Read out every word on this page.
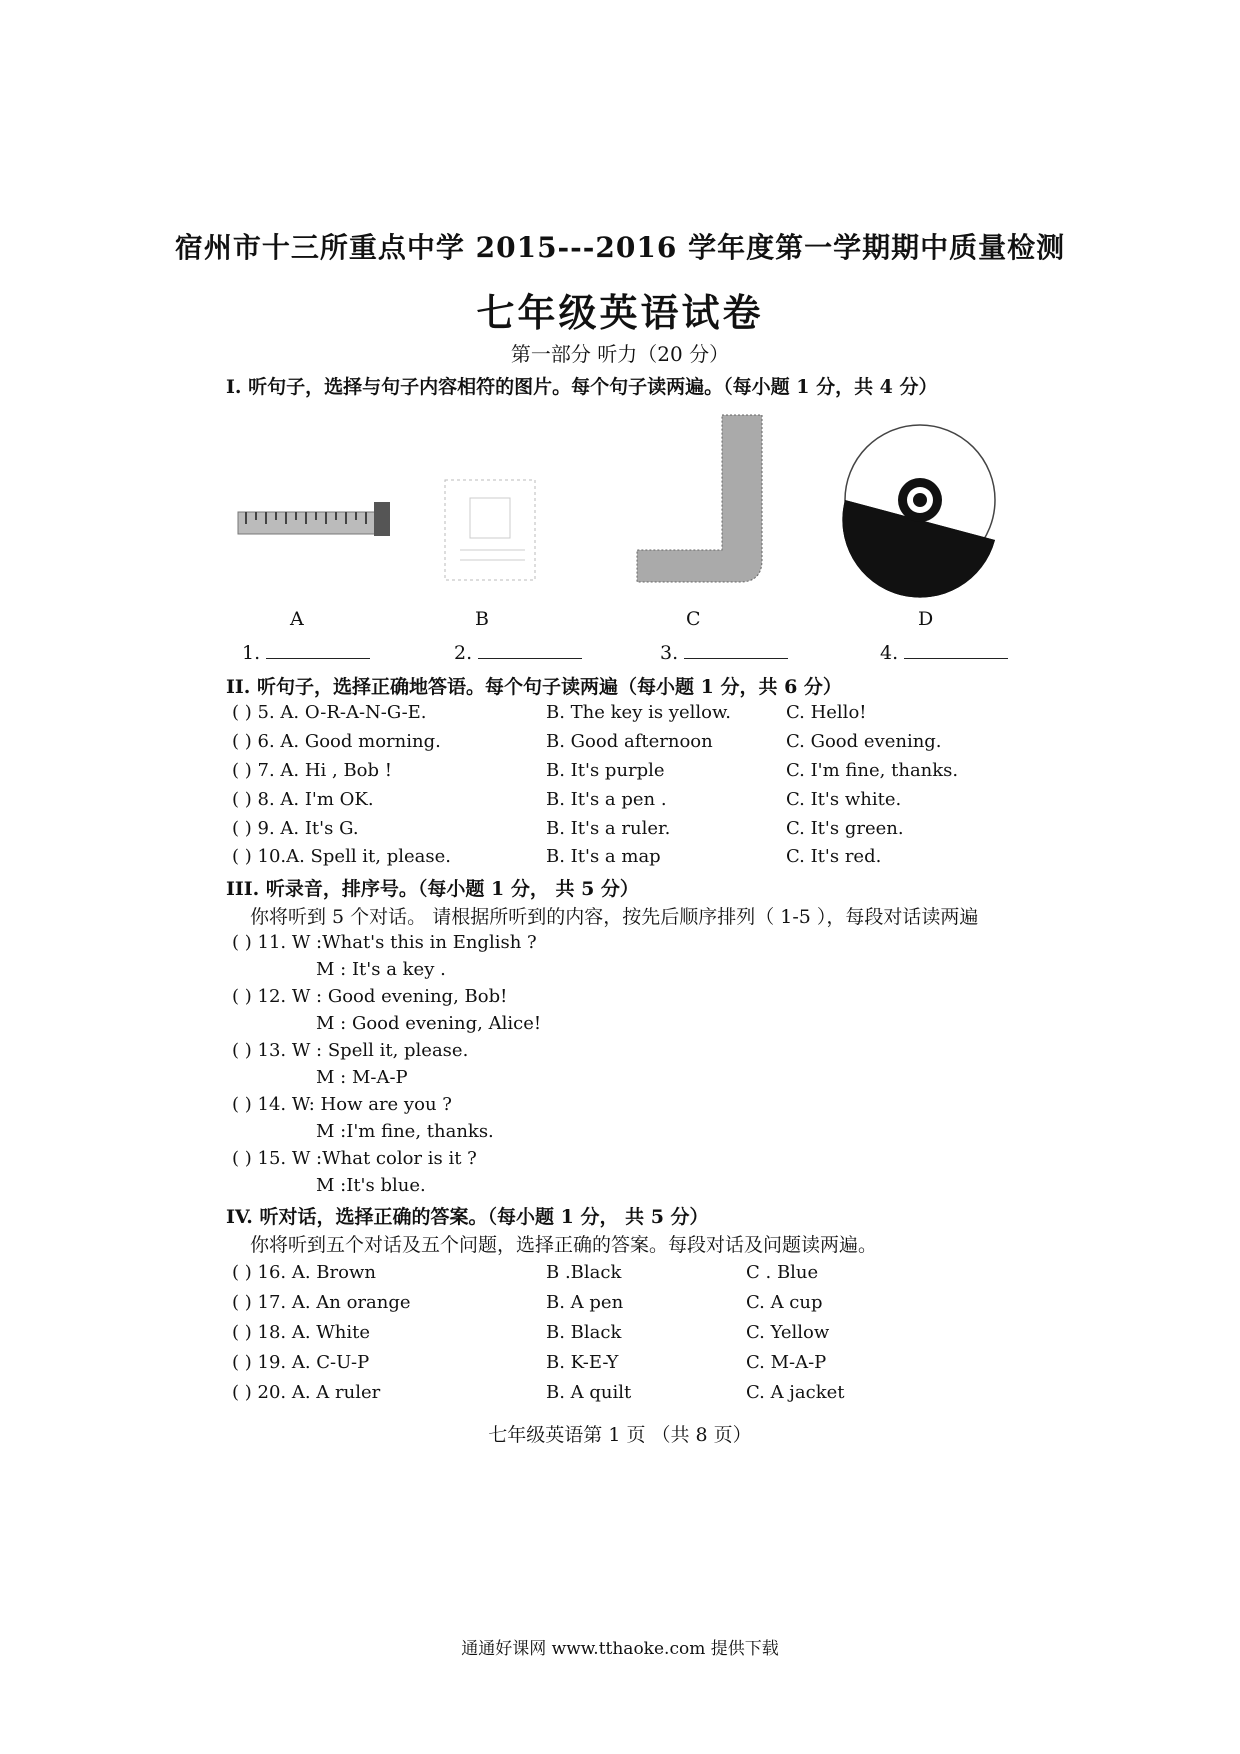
宿州市十三所重点中学 2015---2016 学年度第一学期期中质量检测
七年级英语试卷
第一部分 听力（20 分）
I. 听句子，选择与句子内容相符的图片。每个句子读两遍。（每小题 1 分，共 4 分）
A	B	C	D
1.	2.	3.	4.
II. 听句子，选择正确地答语。每个句子读两遍（每小题 1 分，共 6 分）
( ) 5. A. O-R-A-N-G-E.	B. The key is yellow.	C. Hello!
( ) 6. A. Good morning.	B. Good afternoon	C. Good evening.
( ) 7. A. Hi , Bob !	B. It's purple	C. I'm fine, thanks.
( ) 8. A. I'm OK.	B. It's a pen .	C. It's white.
( ) 9. A. It's G.	B. It's a ruler.	C. It's green.
( ) 10.A. Spell it, please.	B. It's a map	C. It's red.
III. 听录音，排序号。（每小题 1 分， 共 5 分）
你将听到 5 个对话。 请根据所听到的内容，按先后顺序排列（ 1-5 ），每段对话读两遍
( ) 11. W :What's this in English ?
M : It's a key .
( ) 12. W : Good evening, Bob!
M : Good evening, Alice!
( ) 13. W : Spell it, please.
M : M-A-P
( ) 14. W: How are you ?
M :I'm fine, thanks.
( ) 15. W :What color is it ?
M :It's blue.
IV. 听对话，选择正确的答案。（每小题 1 分， 共 5 分）
你将听到五个对话及五个问题，选择正确的答案。每段对话及问题读两遍。
( ) 16. A. Brown	B .Black	C . Blue
( ) 17. A. An orange	B. A pen	C. A cup
( ) 18. A. White	B. Black	C. Yellow
( ) 19. A. C-U-P	B. K-E-Y	C. M-A-P
( ) 20. A. A ruler	B. A quilt	C. A jacket
七年级英语第 1 页 （共 8 页）
通通好课网 www.tthaoke.com 提供下载
